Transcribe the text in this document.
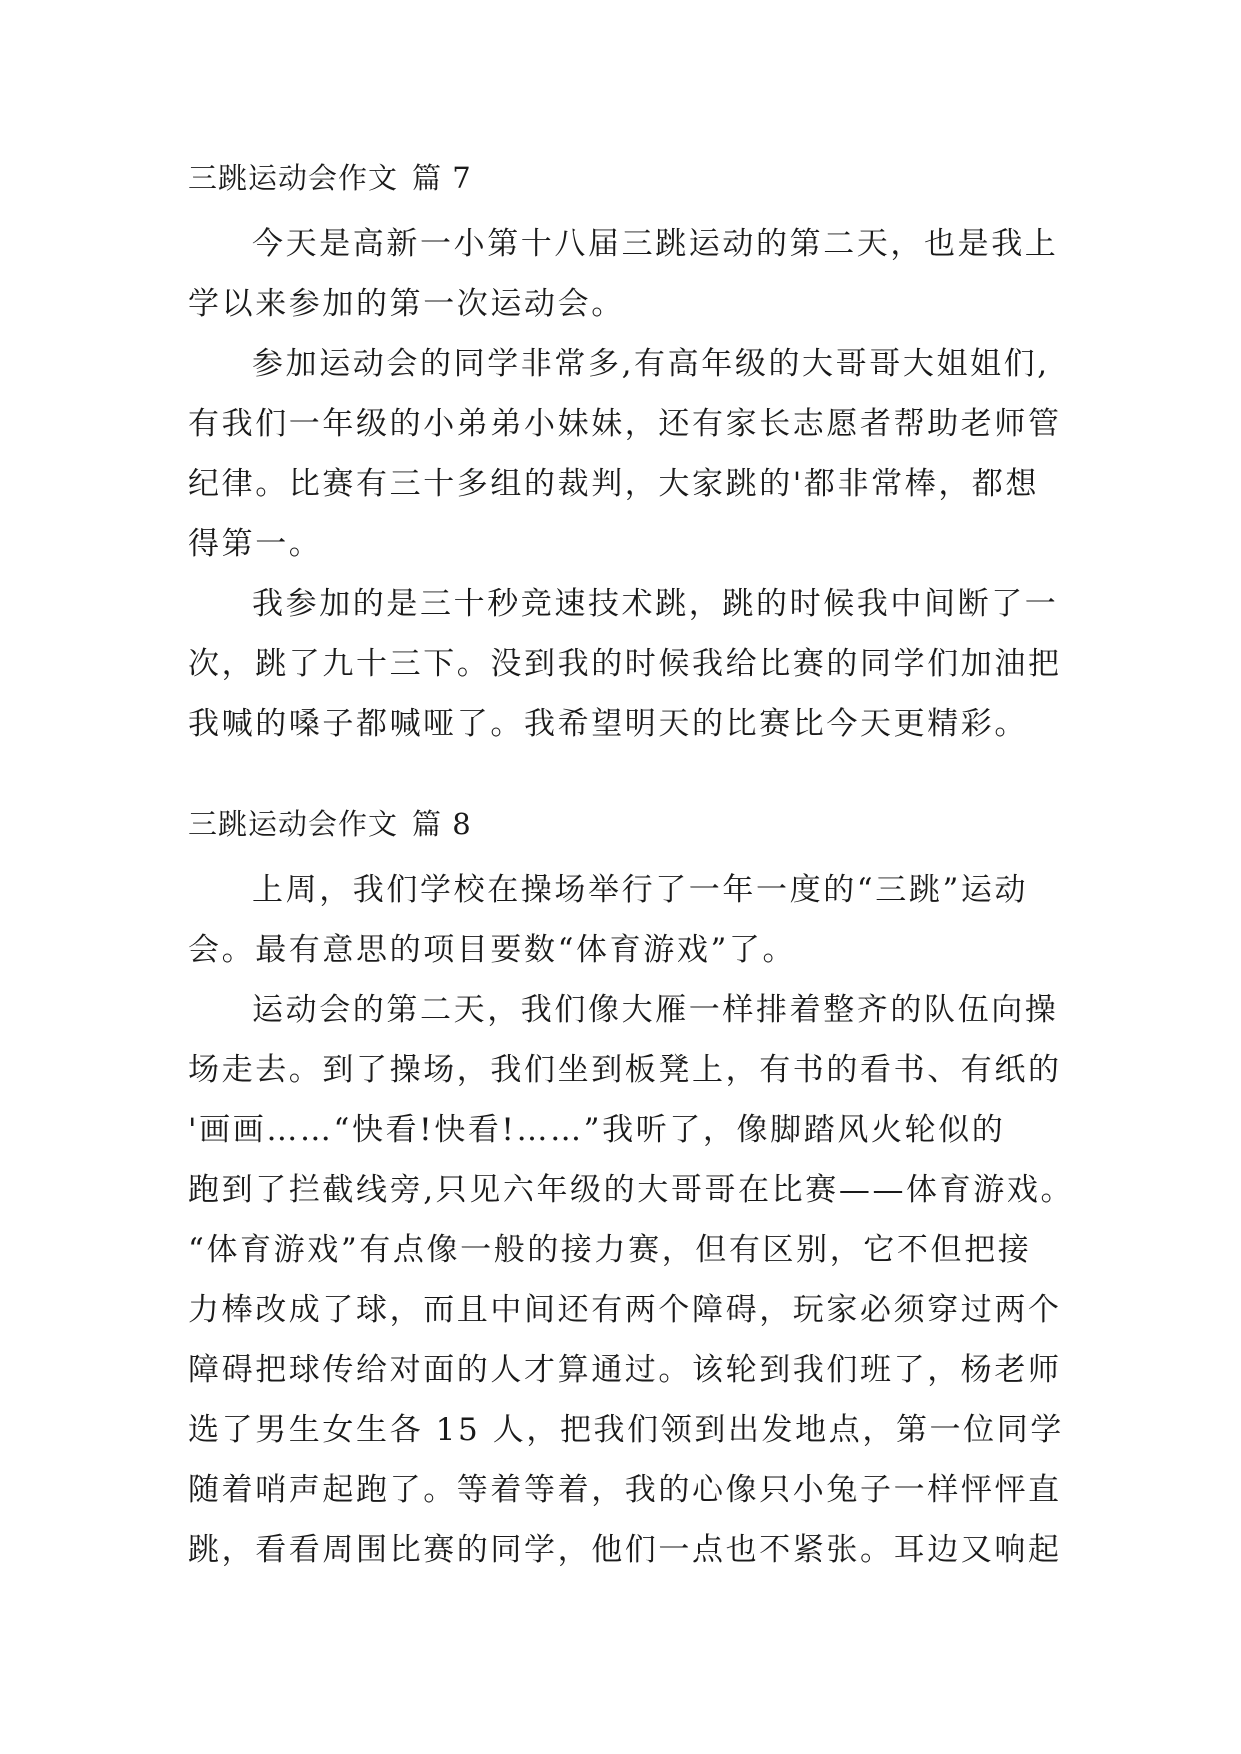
三跳运动会作文 篇 7

今天是高新一小第十八届三跳运动的第二天，也是我上
学以来参加的第一次运动会。

参加运动会的同学非常多,有高年级的大哥哥大姐姐们,
有我们一年级的小弟弟小妹妹，还有家长志愿者帮助老师管
纪律。比赛有三十多组的裁判，大家跳的'都非常棒，都想
得第一。

我参加的是三十秒竞速技术跳，跳的时候我中间断了一
次，跳了九十三下。没到我的时候我给比赛的同学们加油把
我喊的嗓子都喊哑了。我希望明天的比赛比今天更精彩。

三跳运动会作文 篇 8

上周，我们学校在操场举行了一年一度的“三跳”运动
会。最有意思的项目要数“体育游戏”了。

运动会的第二天，我们像大雁一样排着整齐的队伍向操
场走去。到了操场，我们坐到板凳上，有书的看书、有纸的
'画画……“快看!快看!……”我听了，像脚踏风火轮似的
跑到了拦截线旁,只见六年级的大哥哥在比赛——体育游戏。
“体育游戏”有点像一般的接力赛，但有区别，它不但把接
力棒改成了球，而且中间还有两个障碍，玩家必须穿过两个
障碍把球传给对面的人才算通过。该轮到我们班了，杨老师
选了男生女生各 15 人，把我们领到出发地点，第一位同学
随着哨声起跑了。等着等着，我的心像只小兔子一样怦怦直
跳，看看周围比赛的同学，他们一点也不紧张。耳边又响起
